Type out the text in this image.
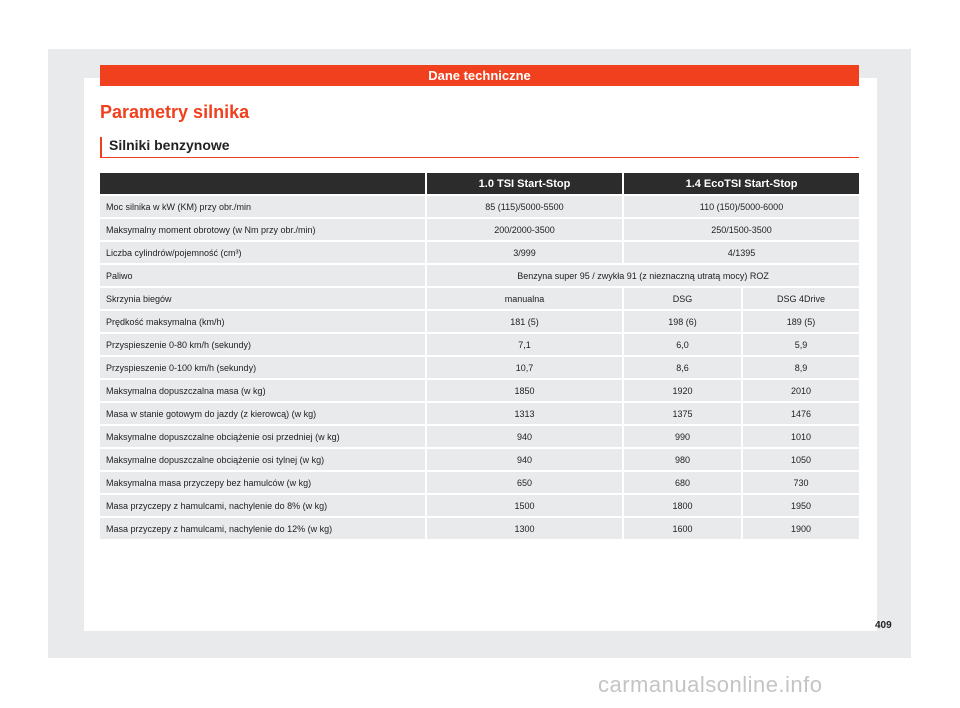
Dane techniczne
Parametry silnika
Silniki benzynowe
	1.0 TSI Start-Stop	1.4 EcoTSI Start-Stop	
Moc silnika w kW (KM) przy obr./min	85 (115)/5000-5500	110 (150)/5000-6000	
Maksymalny moment obrotowy (w Nm przy obr./min)	200/2000-3500	250/1500-3500	
Liczba cylindrów/pojemność (cm³)	3/999	4/1395	
Paliwo	Benzyna super 95 / zwykła 91 (z nieznaczną utratą mocy) ROZ		
Skrzynia biegów	manualna	DSG	DSG 4Drive
Prędkość maksymalna (km/h)	181 (5)	198 (6)	189 (5)
Przyspieszenie 0-80 km/h (sekundy)	7,1	6,0	5,9
Przyspieszenie 0-100 km/h (sekundy)	10,7	8,6	8,9
Maksymalna dopuszczalna masa (w kg)	1850	1920	2010
Masa w stanie gotowym do jazdy (z kierowcą) (w kg)	1313	1375	1476
Maksymalne dopuszczalne obciążenie osi przedniej (w kg)	940	990	1010
Maksymalne dopuszczalne obciążenie osi tylnej (w kg)	940	980	1050
Maksymalna masa przyczepy bez hamulców (w kg)	650	680	730
Masa przyczepy z hamulcami, nachylenie do 8% (w kg)	1500	1800	1950
Masa przyczepy z hamulcami, nachylenie do 12% (w kg)	1300	1600	1900
409
carmanualsonline.info
